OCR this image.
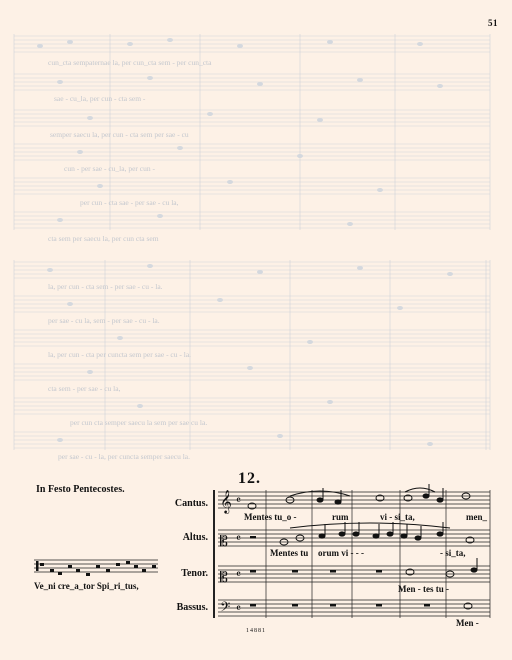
51
𝄞
𝄡
𝄡
𝄢
𝄴
𝄴
𝄴
𝄴
cun_cta sempaternae la, per cun_cta sem - per cun_cta
sae - cu_la, per cun - cta sem -
semper saecu la, per cun - cta sem per sae - cu
cun - per sae - cu_la, per cun -
per cun - cta sae - per sae - cu la,
cta sem per saecu la, per cun cta sem
la, per cun - cta sem - per sae - cu - la.
per sae - cu la, sem - per sae - cu - la.
la, per cun - cta per cuncta sem per sae - cu - la.
cta sem - per sae - cu la,
per cun cta semper saecu la sem per sae cu la.
per sae - cu - la, per cuncta semper saecu la.
In Festo Pentecostes.
12.
Cantus.
Altus.
Tenor.
Bassus.
Ve_ni cre_a_tor Spi_ri_tus,
Mentes tu_o -	rum	vi - si_ta,	men_
Mentes tu orum vi - - -	- si_ta,
Men - tes tu -
Men -
14881
